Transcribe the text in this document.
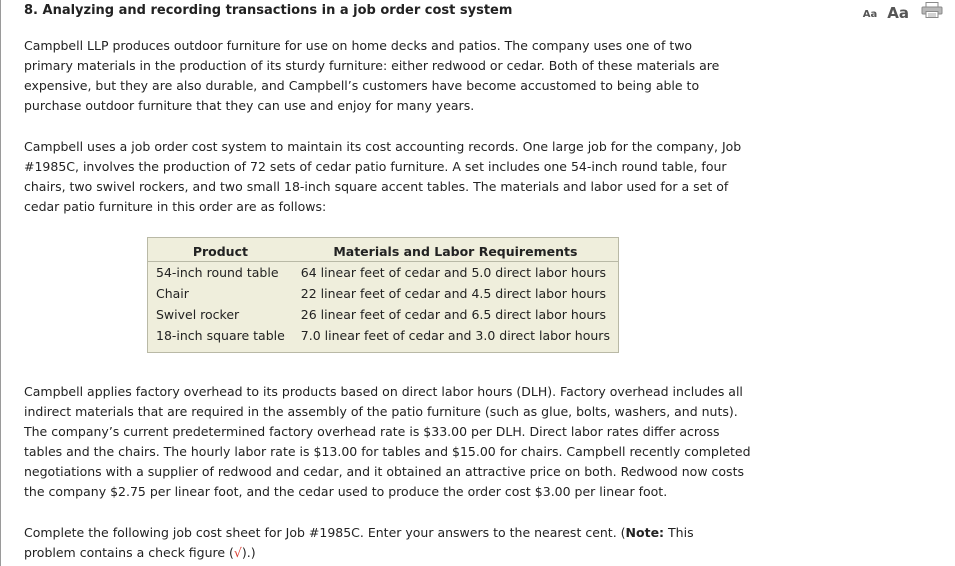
8. Analyzing and recording transactions in a job order cost system	Aa Aa

Campbell LLP produces outdoor furniture for use on home decks and patios. The company uses one of two primary materials in the production of its sturdy furniture: either redwood or cedar. Both of these materials are expensive, but they are also durable, and Campbell’s customers have become accustomed to being able to purchase outdoor furniture that they can use and enjoy for many years.

Campbell uses a job order cost system to maintain its cost accounting records. One large job for the company, Job #1985C, involves the production of 72 sets of cedar patio furniture. A set includes one 54-inch round table, four chairs, two swivel rockers, and two small 18-inch square accent tables. The materials and labor used for a set of cedar patio furniture in this order are as follows:

Product	Materials and Labor Requirements
54-inch round table	64 linear feet of cedar and 5.0 direct labor hours
Chair	22 linear feet of cedar and 4.5 direct labor hours
Swivel rocker	26 linear feet of cedar and 6.5 direct labor hours
18-inch square table	7.0 linear feet of cedar and 3.0 direct labor hours

Campbell applies factory overhead to its products based on direct labor hours (DLH). Factory overhead includes all indirect materials that are required in the assembly of the patio furniture (such as glue, bolts, washers, and nuts). The company’s current predetermined factory overhead rate is $33.00 per DLH. Direct labor rates differ across tables and the chairs. The hourly labor rate is $13.00 for tables and $15.00 for chairs. Campbell recently completed negotiations with a supplier of redwood and cedar, and it obtained an attractive price on both. Redwood now costs the company $2.75 per linear foot, and the cedar used to produce the order cost $3.00 per linear foot.

Complete the following job cost sheet for Job #1985C. Enter your answers to the nearest cent. (Note: This problem contains a check figure (√).)
